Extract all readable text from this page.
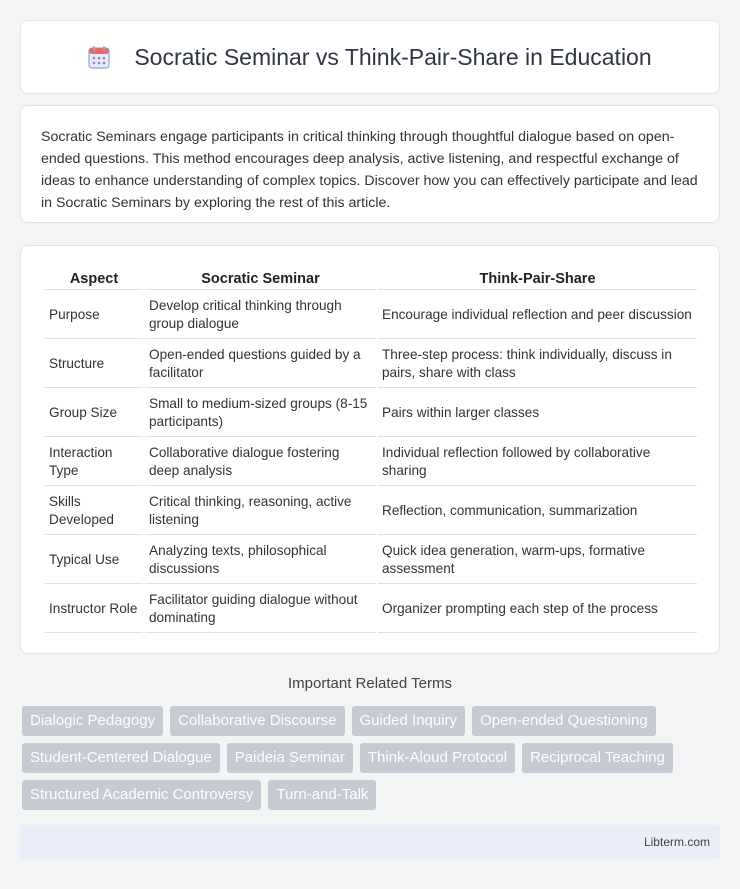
Socratic Seminar vs Think-Pair-Share in Education

Socratic Seminars engage participants in critical thinking through thoughtful dialogue based on open-ended questions. This method encourages deep analysis, active listening, and respectful exchange of ideas to enhance understanding of complex topics. Discover how you can effectively participate and lead in Socratic Seminars by exploring the rest of this article.

Aspect	Socratic Seminar	Think-Pair-Share
Purpose	Develop critical thinking through group dialogue	Encourage individual reflection and peer discussion
Structure	Open-ended questions guided by a facilitator	Three-step process: think individually, discuss in pairs, share with class
Group Size	Small to medium-sized groups (8-15 participants)	Pairs within larger classes
Interaction Type	Collaborative dialogue fostering deep analysis	Individual reflection followed by collaborative sharing
Skills Developed	Critical thinking, reasoning, active listening	Reflection, communication, summarization
Typical Use	Analyzing texts, philosophical discussions	Quick idea generation, warm-ups, formative assessment
Instructor Role	Facilitator guiding dialogue without dominating	Organizer prompting each step of the process
Important Related Terms
Dialogic Pedagogy	Collaborative Discourse	Guided Inquiry	Open-ended Questioning
Student-Centered Dialogue	Paideia Seminar	Think-Aloud Protocol	Reciprocal Teaching
Structured Academic Controversy	Turn-and-Talk
Libterm.com
